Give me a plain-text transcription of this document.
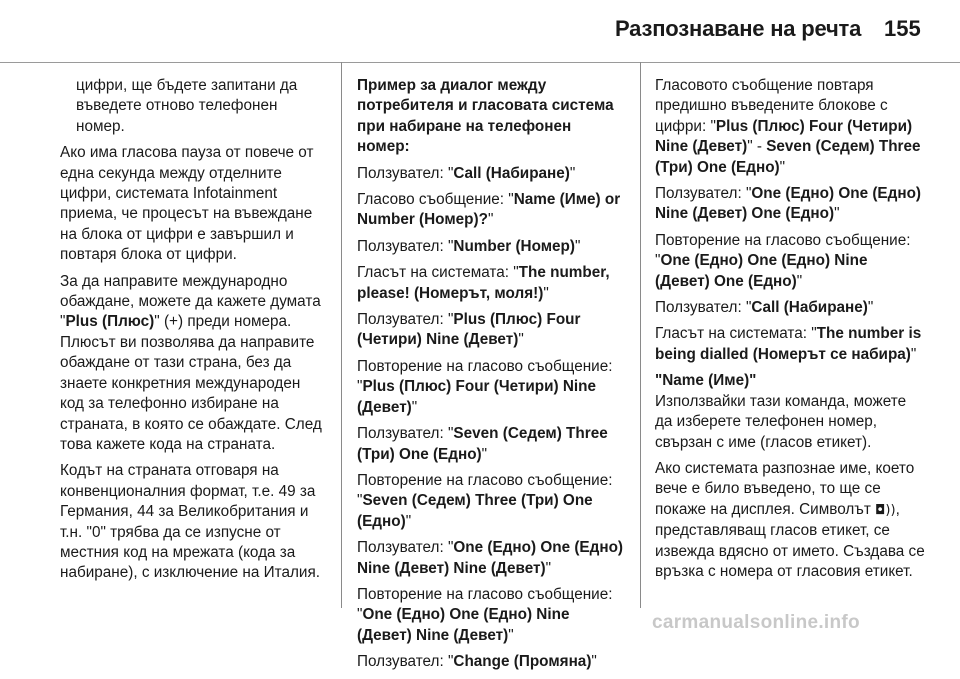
Разпознаване на речта 155

цифри, ще бъдете запитани да въведете отново телефонен номер.

Ако има гласова пауза от повече от една секунда между отделните цифри, системата Infotainment приема, че процесът на въвеждане на блока от цифри е завършил и повтаря блока от цифри.

За да направите международно обаждане, можете да кажете думата "Plus (Плюс)" (+) преди номера. Плюсът ви позволява да направите обаждане от тази страна, без да знаете конкретния международен код за телефонно избиране на страната, в която се обаждате. След това кажете кода на страната.

Кодът на страната отговаря на конвенционалния формат, т.е. 49 за Германия, 44 за Великобритания и т.н. "0" трябва да се изпусне от местния код на мрежата (кода за набиране), с изключение на Италия.

Пример за диалог между потребителя и гласовата система при набиране на телефонен номер:

Ползувател: "Call (Набиране)"

Гласово съобщение: "Name (Име) or Number (Номер)?"

Ползувател: "Number (Номер)"

Гласът на системата: "The number, please! (Номерът, моля!)"

Ползувател: "Plus (Плюс) Four (Четири) Nine (Девет)"

Повторение на гласово съобщение: "Plus (Плюс) Four (Четири) Nine (Девет)"

Ползувател: "Seven (Седем) Three (Три) One (Едно)"

Повторение на гласово съобщение: "Seven (Седем) Three (Три) One (Едно)"

Ползувател: "One (Едно) One (Едно) Nine (Девет) Nine (Девет)"

Повторение на гласово съобщение: "One (Едно) One (Едно) Nine (Девет) Nine (Девет)"

Ползувател: "Change (Промяна)"

Гласовото съобщение повтаря предишно въведените блокове с цифри: "Plus (Плюс) Four (Четири) Nine (Девет)" - Seven (Седем) Three (Три) One (Едно)"

Ползувател: "One (Едно) One (Едно) Nine (Девет) One (Едно)"

Повторение на гласово съобщение: "One (Едно) One (Едно) Nine (Девет) One (Едно)"

Ползувател: "Call (Набиране)"

Гласът на системата: "The number is being dialled (Номерът се набира)"

"Name (Име)"

Използвайки тази команда, можете да изберете телефонен номер, свързан с име (гласов етикет).

Ако системата разпознае име, което вече е било въведено, то ще се покаже на дисплея. Символът ◘)), представляващ гласов етикет, се извежда вдясно от името. Създава се връзка с номера от гласовия етикет.

carmanualsonline.info
